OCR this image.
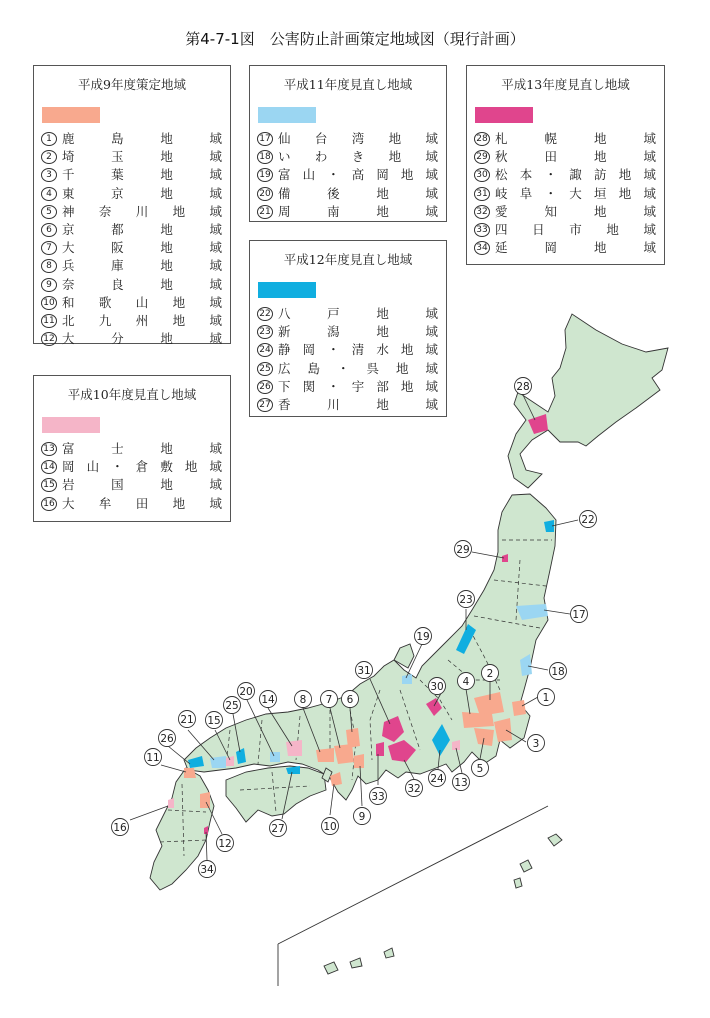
第4-7-1図　公害防止計画策定地域図（現行計画）
平成9年度策定地域
1 鹿島地域
2 埼玉地域
3 千葉地域
4 東京地域
5 神奈川地域
6 京都地域
7 大阪地域
8 兵庫地域
9 奈良地域
10 和歌山地域
11 北九州地域
12 大分地域
平成10年度見直し地域
13 富士地域
14 岡山・倉敷地域
15 岩国地域
16 大牟田地域
平成11年度見直し地域
17 仙台湾地域
18 いわき地域
19 富山・高岡地域
20 備後地域
21 周南地域
平成12年度見直し地域
22 八戸地域
23 新潟地域
24 静岡・清水地域
25 広島・呉地域
26 下関・宇部地域
27 香川地域
平成13年度見直し地域
28 札幌地域
29 秋田地域
30 松本・諏訪地域
31 岐阜・大垣地域
32 愛知地域
33 四日市地域
34 延岡地域
28
22
29
17
23
19
18
31
30 4
2
1
20
14 8 7 6
25
21 15
26
11
3
5
13
24
32
33
9
10
27
12
16
34
